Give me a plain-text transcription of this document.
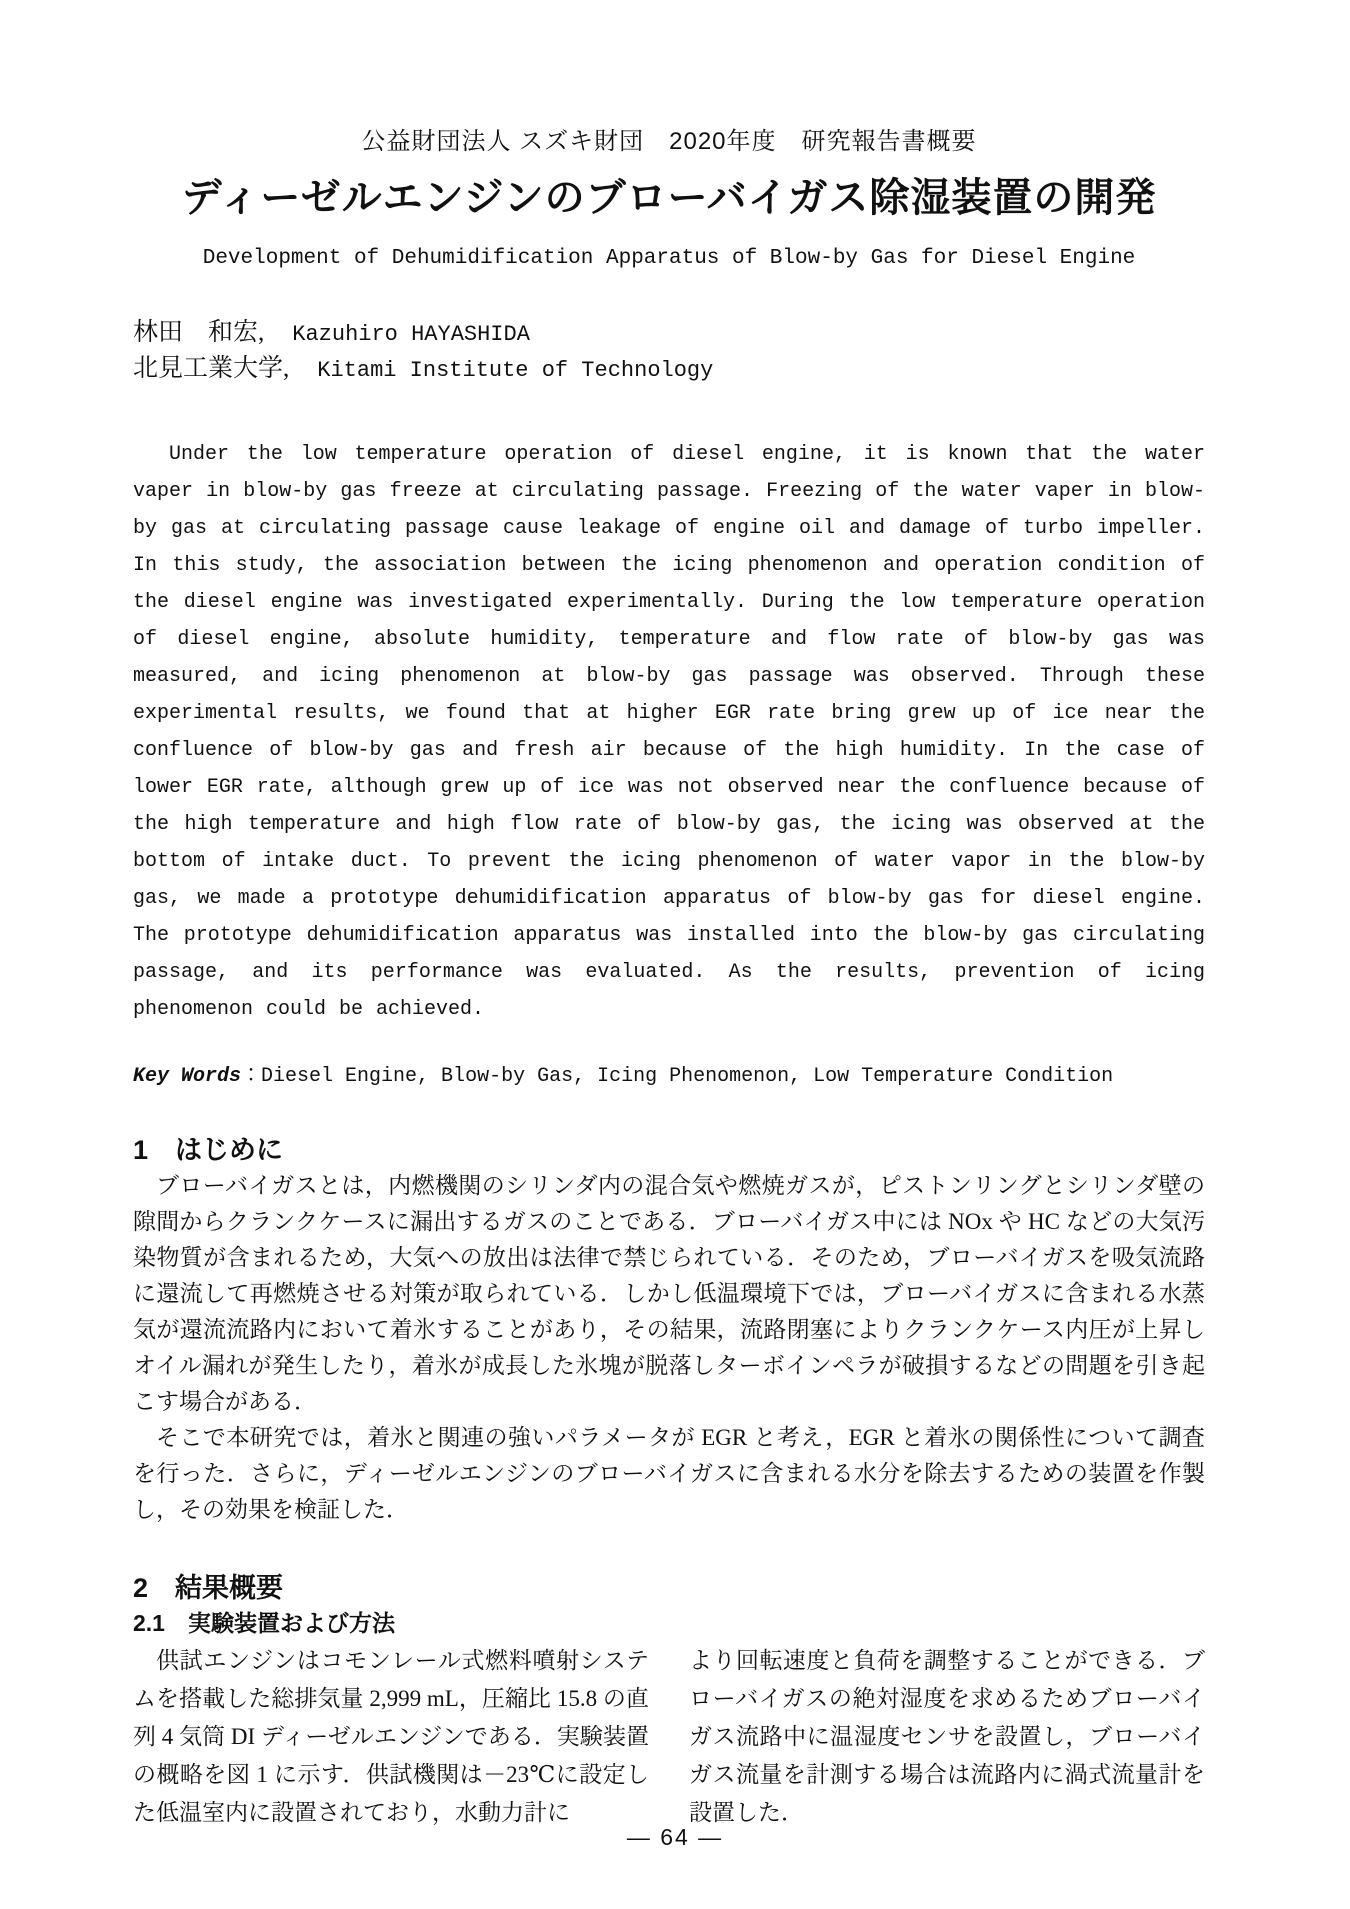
公益財団法人 スズキ財団　2020年度　研究報告書概要
ディーゼルエンジンのブローバイガス除湿装置の開発
Development of Dehumidification Apparatus of Blow-by Gas for Diesel Engine
林田　和宏, Kazuhiro HAYASHIDA
北見工業大学, Kitami Institute of Technology

Under the low temperature operation of diesel engine, it is known that the water vaper in blow-by gas freeze at circulating passage. Freezing of the water vaper in blow-by gas at circulating passage cause leakage of engine oil and damage of turbo impeller. In this study, the association between the icing phenomenon and operation condition of the diesel engine was investigated experimentally. During the low temperature operation of diesel engine, absolute humidity, temperature and flow rate of blow-by gas was measured, and icing phenomenon at blow-by gas passage was observed. Through these experimental results, we found that at higher EGR rate bring grew up of ice near the confluence of blow-by gas and fresh air because of the high humidity. In the case of lower EGR rate, although grew up of ice was not observed near the confluence because of the high temperature and high flow rate of blow-by gas, the icing was observed at the bottom of intake duct. To prevent the icing phenomenon of water vapor in the blow-by gas, we made a prototype dehumidification apparatus of blow-by gas for diesel engine. The prototype dehumidification apparatus was installed into the blow-by gas circulating passage, and its performance was evaluated. As the results, prevention of icing phenomenon could be achieved.

Key Words：Diesel Engine, Blow-by Gas, Icing Phenomenon, Low Temperature Condition
1　はじめに

ブローバイガスとは，内燃機関のシリンダ内の混合気や燃焼ガスが，ピストンリングとシリンダ壁の隙間からクランクケースに漏出するガスのことである．ブローバイガス中には NOx や HC などの大気汚染物質が含まれるため，大気への放出は法律で禁じられている．そのため，ブローバイガスを吸気流路に還流して再燃焼させる対策が取られている．しかし低温環境下では，ブローバイガスに含まれる水蒸気が還流流路内において着氷することがあり，その結果，流路閉塞によりクランクケース内圧が上昇しオイル漏れが発生したり，着氷が成長した氷塊が脱落しターボインペラが破損するなどの問題を引き起こす場合がある．

そこで本研究では，着氷と関連の強いパラメータが EGR と考え，EGR と着氷の関係性について調査を行った．さらに，ディーゼルエンジンのブローバイガスに含まれる水分を除去するための装置を作製し，その効果を検証した．

2　結果概要
2.1　実験装置および方法

供試エンジンはコモンレール式燃料噴射システムを搭載した総排気量 2,999 mL，圧縮比 15.8 の直列 4 気筒 DI ディーゼルエンジンである．実験装置の概略を図 1 に示す．供試機関は－23℃に設定した低温室内に設置されており，水動力計に

より回転速度と負荷を調整することができる．ブローバイガスの絶対湿度を求めるためブローバイガス流路中に温湿度センサを設置し，ブローバイガス流量を計測する場合は流路内に渦式流量計を設置した．

— 64 —
